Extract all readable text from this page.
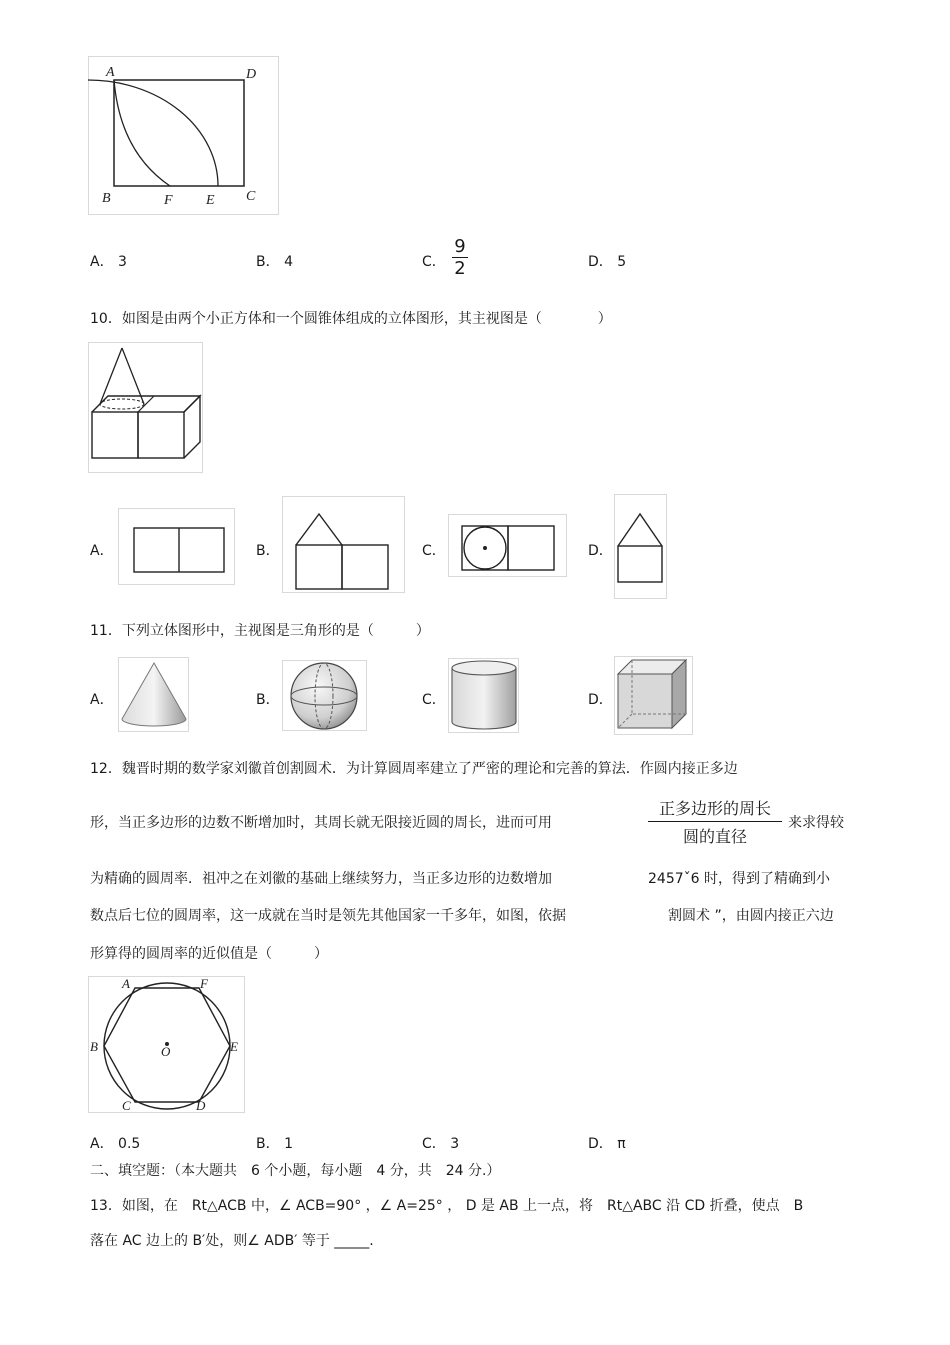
A	D
B	F E C
A． 3	B． 4	C．
9
2	D． 5
10．如图是由两个小正方体和一个圆锥体组成的立体图形，其主视图是（　　　　）
A．	B．	C．	D．
11．下列立体图形中，主视图是三角形的是（　　　）
A．	B．	C．	D．
12．魏晋时期的数学家刘徽首创割圆术．为计算圆周率建立了严密的理论和完善的算法．作圆内接正多边
形，当正多边形的边数不断增加时，其周长就无限接近圆的周长，进而可用
正多边形的周长
圆的直径
来求得较
为精确的圆周率．祖冲之在刘徽的基础上继续努力，当正多边形的边数增加	2457ˇ6 时，得到了精确到小
数点后七位的圆周率，这一成就在当时是领先其他国家一千多年，如图，依据	割圆术 ”，由圆内接正六边
形算得的圆周率的近似值是（　　　）
A	F
B	E
O
C	D
A． 0.5	B． 1	C． 3	D． π
二、填空题：（本大题共　6 个小题，每小题　4 分，共　24 分.）
13．如图，在　Rt△ACB 中，∠ ACB=90° ，∠ A=25° ， D 是 AB 上一点，将　Rt△ABC 沿 CD 折叠，使点　B
落在 AC 边上的 B′处，则∠ ADB′ 等于 _____.
